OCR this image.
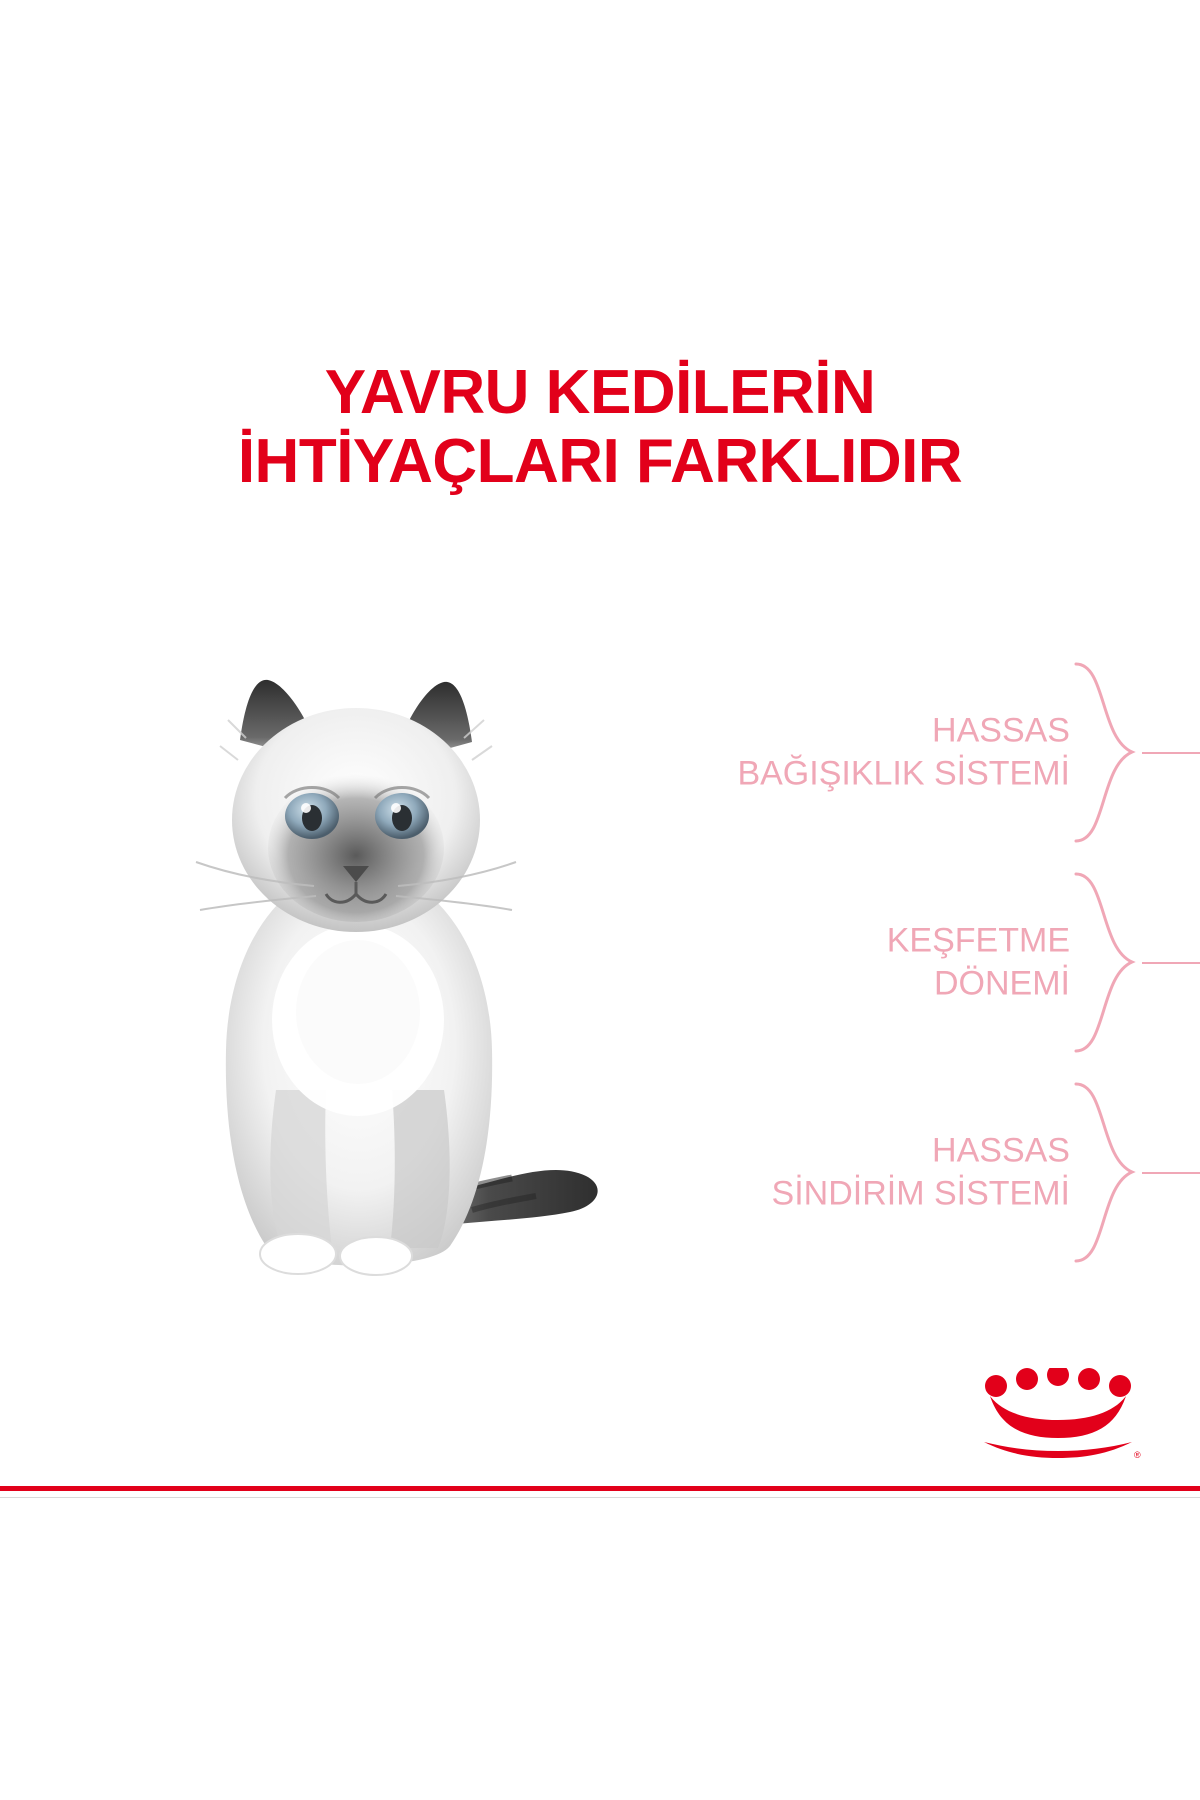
YAVRU KEDİLERİN
İHTİYAÇLARI FARKLIDIR
HASSAS
BAĞIŞIKLIK SİSTEMİ
KEŞFETME
DÖNEMİ
HASSAS
SİNDİRİM SİSTEMİ
®
